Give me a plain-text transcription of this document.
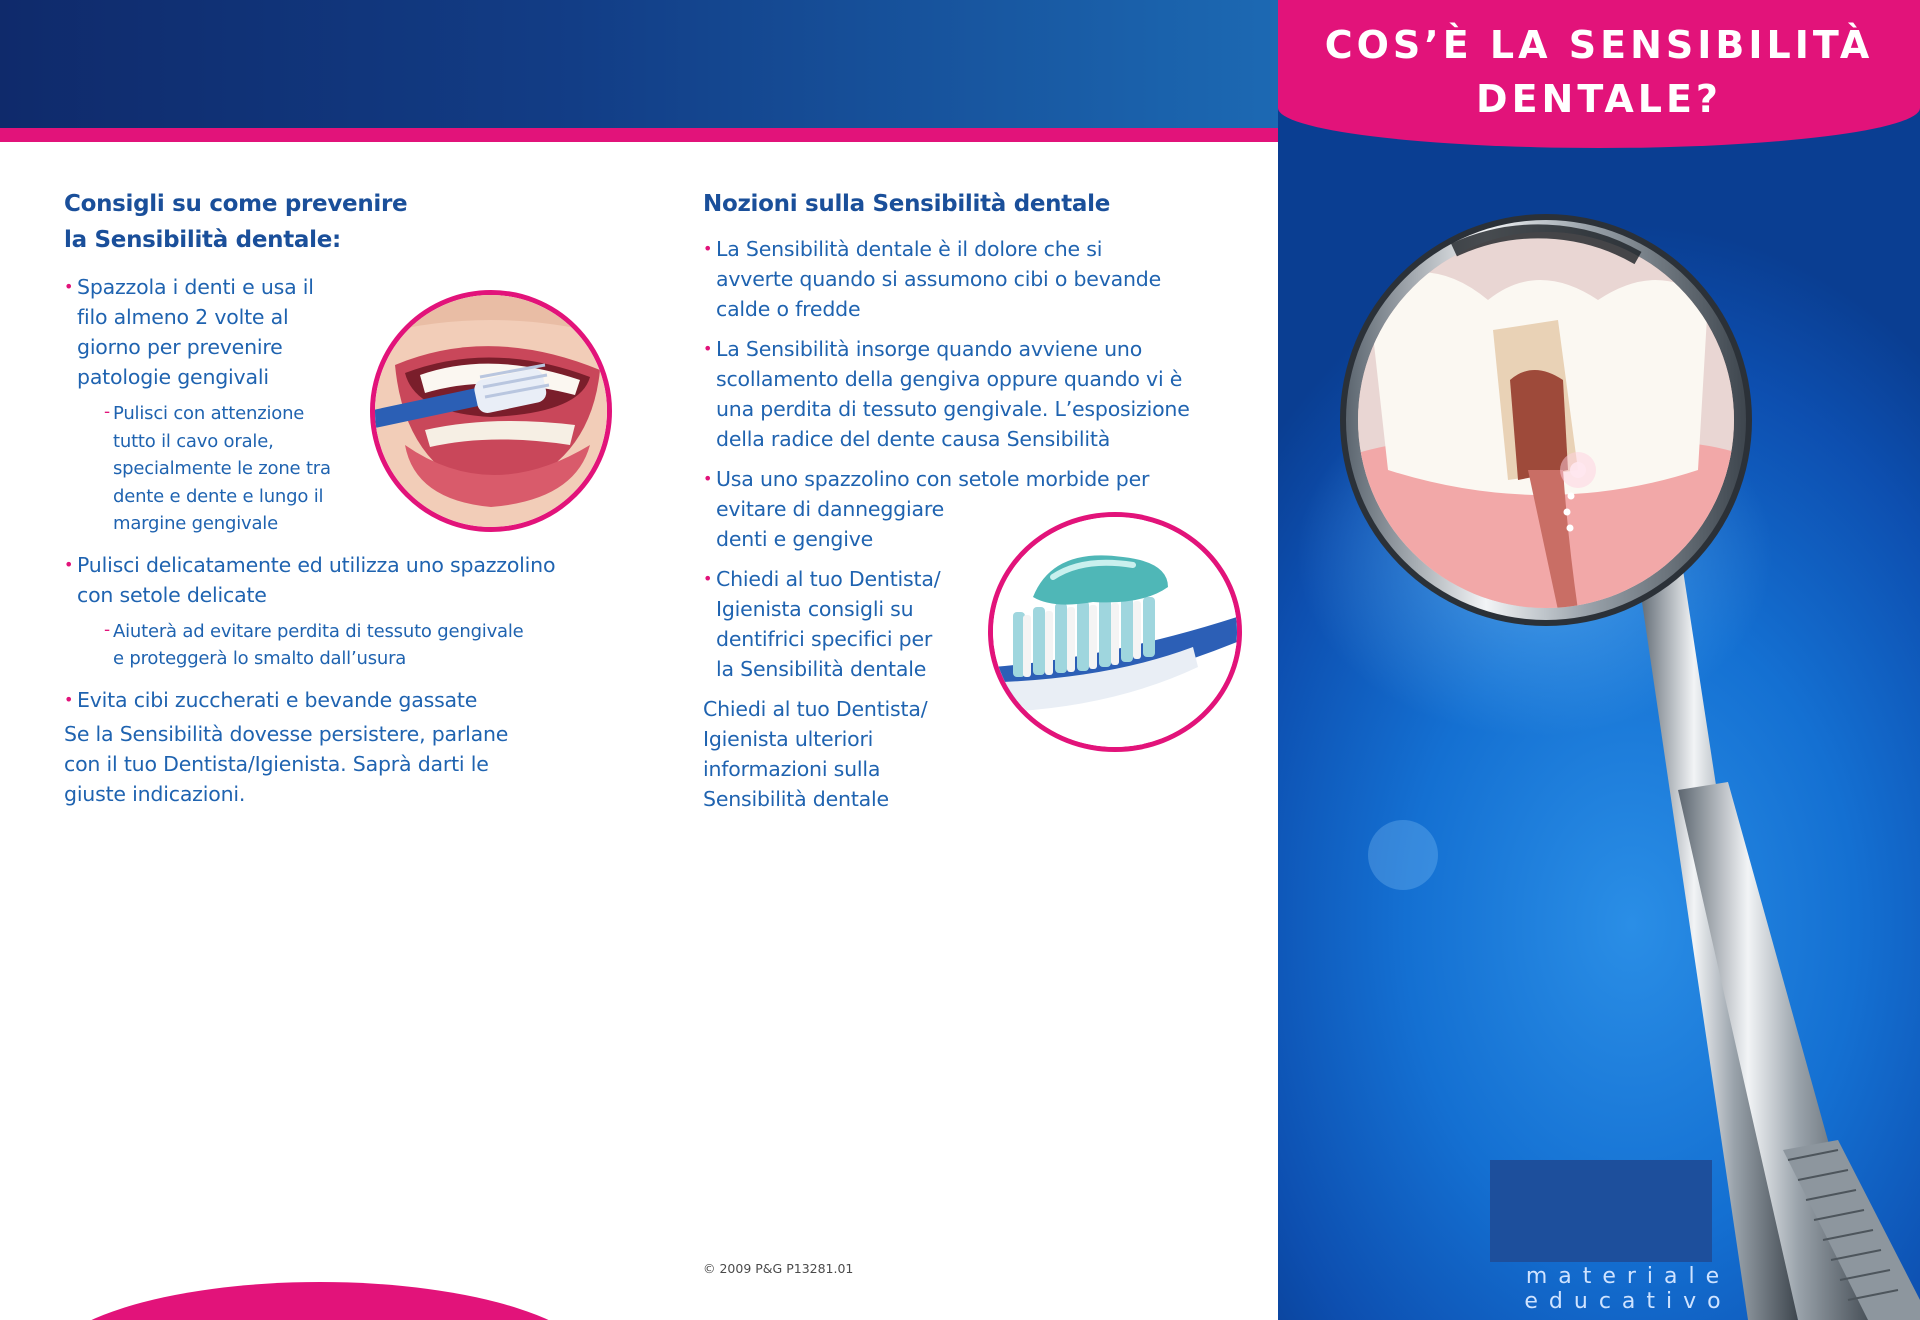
Consigli su come prevenire
la Sensibilità dentale:
• Spazzola i denti e usa il
filo almeno 2 volte al
giorno per prevenire
patologie gengivali
- Pulisci con attenzione
tutto il cavo orale,
specialmente le zone tra
dente e dente e lungo il
margine gengivale
• Pulisci delicatamente ed utilizza uno spazzolino
con setole delicate
- Aiuterà ad evitare perdita di tessuto gengivale
e proteggerà lo smalto dall’usura
• Evita cibi zuccherati e bevande gassate
Se la Sensibilità dovesse persistere, parlane
con il tuo Dentista/Igienista. Saprà darti le
giuste indicazioni.
Nozioni sulla Sensibilità dentale
• La Sensibilità dentale è il dolore che si
avverte quando si assumono cibi o bevande
calde o fredde
• La Sensibilità insorge quando avviene uno
scollamento della gengiva oppure quando vi è
una perdita di tessuto gengivale. L’esposizione
della radice del dente causa Sensibilità
• Usa uno spazzolino con setole morbide per
evitare di danneggiare
denti e gengive
• Chiedi al tuo Dentista/
Igienista consigli su
dentifrici specifici per
la Sensibilità dentale
Chiedi al tuo Dentista/
Igienista ulteriori
informazioni sulla
Sensibilità dentale
© 2009 P&G P13281.01
COS’È LA SENSIBILITÀ
DENTALE?
materiale educativo
